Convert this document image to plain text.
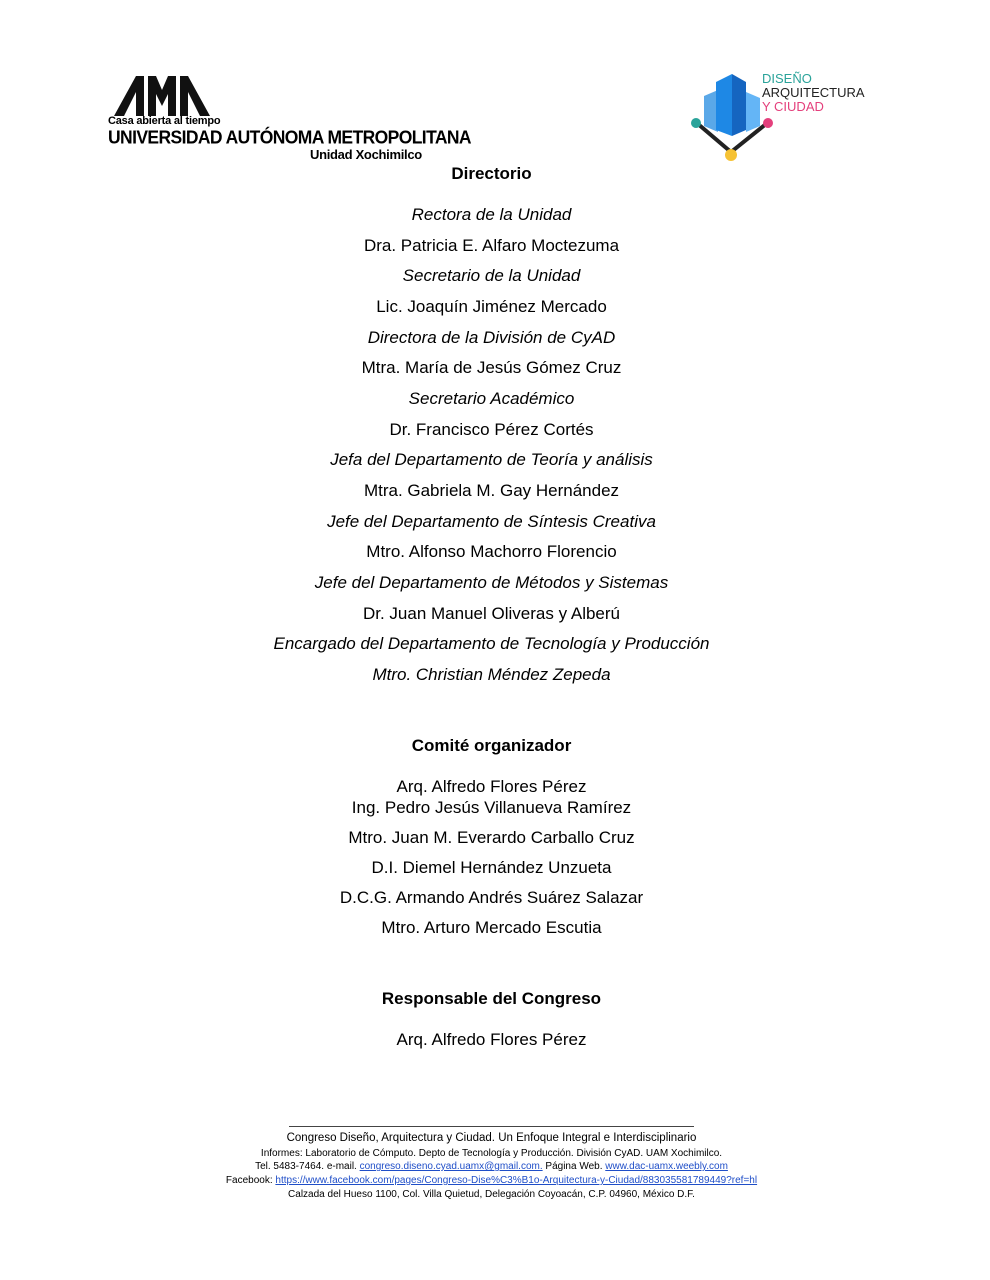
Casa abierta al tiempo
UNIVERSIDAD AUTÓNOMA METROPOLITANA
Unidad Xochimilco
DISEÑO
ARQUITECTURA
Y CIUDAD
Directorio
Rectora de la Unidad
Dra. Patricia E. Alfaro Moctezuma
Secretario de la Unidad
Lic. Joaquín Jiménez Mercado
Directora de la División de CyAD
Mtra. María de Jesús Gómez Cruz
Secretario Académico
Dr. Francisco Pérez Cortés
Jefa del Departamento de Teoría y análisis
Mtra. Gabriela M. Gay Hernández
Jefe del Departamento de Síntesis Creativa
Mtro. Alfonso Machorro Florencio
Jefe del Departamento de Métodos y Sistemas
Dr. Juan Manuel Oliveras y Alberú
Encargado del Departamento de Tecnología y Producción
Mtro. Christian Méndez Zepeda
Comité organizador
Arq. Alfredo Flores Pérez
Ing. Pedro Jesús Villanueva Ramírez
Mtro. Juan M. Everardo Carballo Cruz
D.I. Diemel Hernández Unzueta
D.C.G. Armando Andrés Suárez Salazar
Mtro. Arturo Mercado Escutia
Responsable del Congreso
Arq. Alfredo Flores Pérez
Congreso Diseño, Arquitectura y Ciudad. Un Enfoque Integral e Interdisciplinario
Informes: Laboratorio de Cómputo. Depto de Tecnología y Producción. División CyAD. UAM Xochimilco.
Tel. 5483-7464. e-mail. congreso.diseno.cyad.uamx@gmail.com. Página Web. www.dac-uamx.weebly.com
Facebook: https://www.facebook.com/pages/Congreso-Dise%C3%B1o-Arquitectura-y-Ciudad/883035581789449?ref=hl
Calzada del Hueso 1100, Col. Villa Quietud, Delegación Coyoacán, C.P. 04960, México D.F.
